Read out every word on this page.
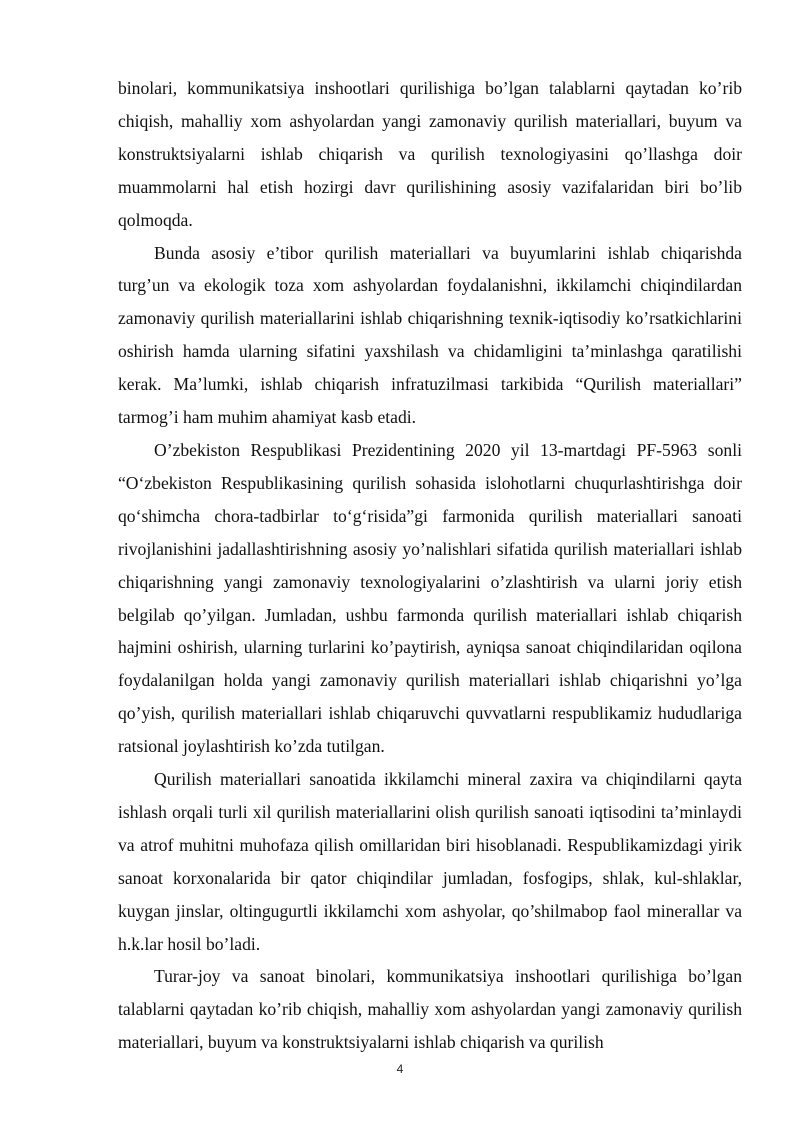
binolari, kommunikatsiya inshootlari qurilishiga bo’lgan talablarni qaytadan ko’rib chiqish, mahalliy xom ashyolardan yangi zamonaviy qurilish materiallari, buyum va konstruktsiyalarni ishlab chiqarish va qurilish texnologiyasini qo’llashga doir muammolarni hal etish hozirgi davr qurilishining asosiy vazifalaridan biri bo’lib qolmoqda.

Bunda asosiy e’tibor qurilish materiallari va buyumlarini ishlab chiqarishda turg’un va ekologik toza xom ashyolardan foydalanishni, ikkilamchi chiqindilardan zamonaviy qurilish materiallarini ishlab chiqarishning texnik-iqtisodiy ko’rsatkichlarini oshirish hamda ularning sifatini yaxshilash va chidamligini ta’minlashga qaratilishi kerak. Ma’lumki, ishlab chiqarish infratuzilmasi tarkibida “Qurilish materiallari” tarmog’i ham muhim ahamiyat kasb etadi.

O’zbekiston Respublikasi Prezidentining 2020 yil 13-martdagi PF-5963 sonli “O‘zbekiston Respublikasining qurilish sohasida islohotlarni chuqurlashtirishga doir qo‘shimcha chora-tadbirlar to‘g‘risida”gi farmonida qurilish materiallari sanoati rivojlanishini jadallashtirishning asosiy yo’nalishlari sifatida qurilish materiallari ishlab chiqarishning yangi zamonaviy texnologiyalarini o’zlashtirish va ularni joriy etish belgilab qo’yilgan. Jumladan, ushbu farmonda qurilish materiallari ishlab chiqarish hajmini oshirish, ularning turlarini ko’paytirish, ayniqsa sanoat chiqindilaridan oqilona foydalanilgan holda yangi zamonaviy qurilish materiallari ishlab chiqarishni yo’lga qo’yish, qurilish materiallari ishlab chiqaruvchi quvvatlarni respublikamiz hududlariga ratsional joylashtirish ko’zda tutilgan.

Qurilish materiallari sanoatida ikkilamchi mineral zaxira va chiqindilarni qayta ishlash orqali turli xil qurilish materiallarini olish qurilish sanoati iqtisodini ta’minlaydi va atrof muhitni muhofaza qilish omillaridan biri hisoblanadi. Respublikamizdagi yirik sanoat korxonalarida bir qator chiqindilar jumladan, fosfogips, shlak, kul-shlaklar, kuygan jinslar, oltingugurtli ikkilamchi xom ashyolar, qo’shilmabop faol minerallar va h.k.lar hosil bo’ladi.

Turar-joy va sanoat binolari, kommunikatsiya inshootlari qurilishiga bo’lgan talablarni qaytadan ko’rib chiqish, mahalliy xom ashyolardan yangi zamonaviy qurilish materiallari, buyum va konstruktsiyalarni ishlab chiqarish va qurilish

4
